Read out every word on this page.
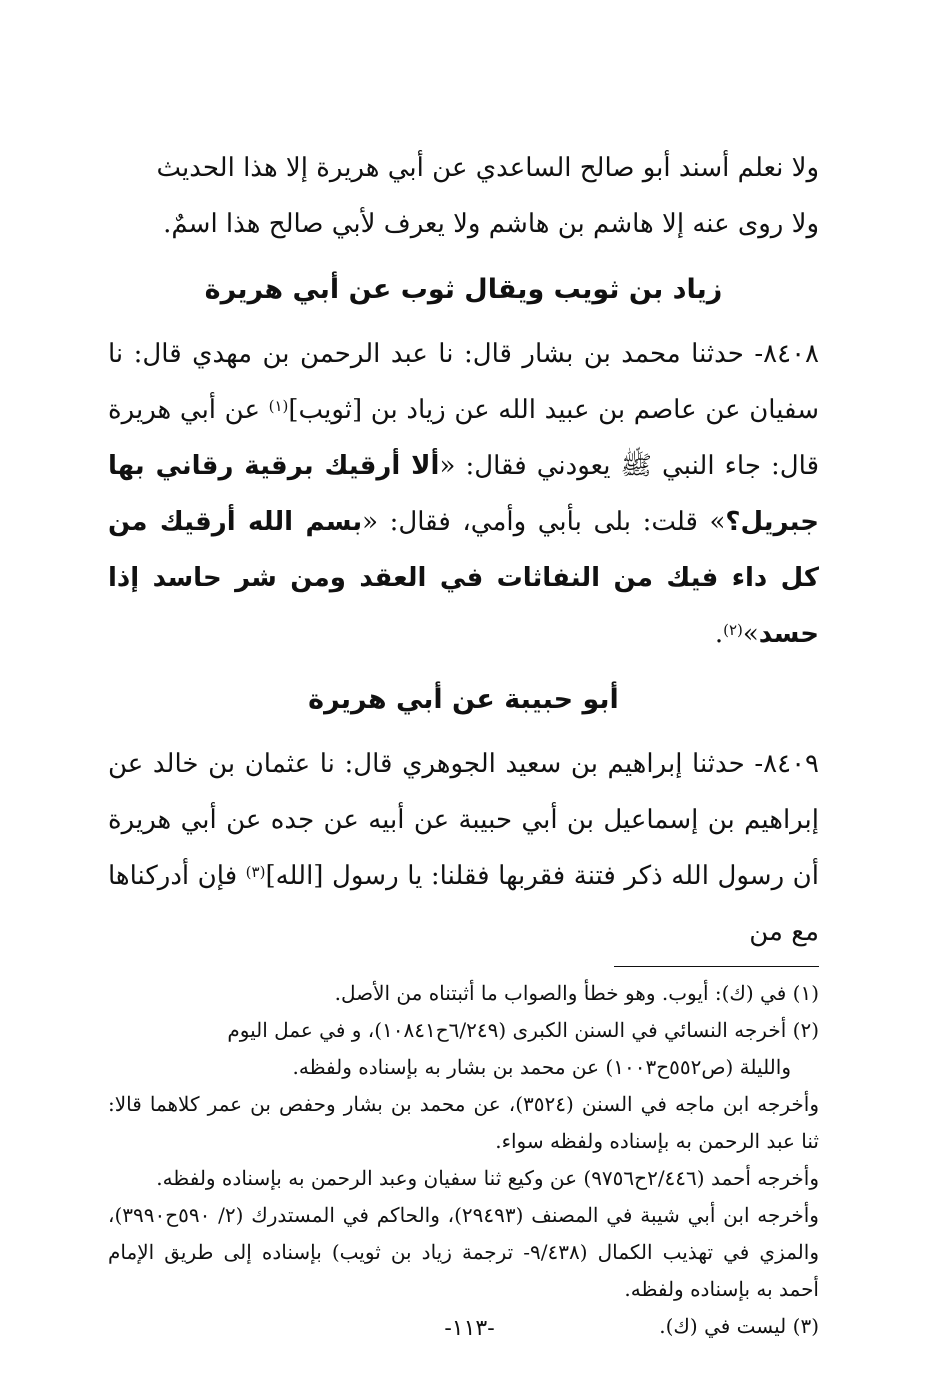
ولا نعلم أسند أبو صالح الساعدي عن أبي هريرة إلا هذا الحديث
ولا روى عنه إلا هاشم بن هاشم ولا يعرف لأبي صالح هذا اسمٌ.

زياد بن ثويب ويقال ثوب عن أبي هريرة

٨٤٠٨- حدثنا محمد بن بشار قال: نا عبد الرحمن بن مهدي قال: نا سفيان عن عاصم بن عبيد الله عن زياد بن [ثويب]$^{(١)}$ عن أبي هريرة قال: جاء النبي ﷺ يعودني فقال: «ألا أرقيك برقية رقاني بها جبريل؟» قلت: بلى بأبي وأمي، فقال: «بسم الله أرقيك من كل داء فيك من النفاثات في العقد ومن شر حاسد إذا حسد»$^{(٢)}$.

أبو حبيبة عن أبي هريرة

٨٤٠٩- حدثنا إبراهيم بن سعيد الجوهري قال: نا عثمان بن خالد عن إبراهيم بن إسماعيل بن أبي حبيبة عن أبيه عن جده عن أبي هريرة أن رسول الله ذكر فتنة فقربها فقلنا: يا رسول [الله]$^{(٣)}$ فإن أدركناها مع من

(١) في (ك): أيوب. وهو خطأ والصواب ما أثبتناه من الأصل.

(٢) أخرجه النسائي في السنن الكبرى (٦/٢٤٩ح١٠٨٤١)، و في عمل اليوم
والليلة (ص٥٥٢ح١٠٠٣) عن محمد بن بشار به بإسناده ولفظه.

وأخرجه ابن ماجه في السنن (٣٥٢٤)، عن محمد بن بشار وحفص بن عمر كلاهما قالا: ثنا عبد الرحمن به بإسناده ولفظه سواء.

وأخرجه أحمد (٢/٤٤٦ح٩٧٥٦) عن وكيع ثنا سفيان وعبد الرحمن به بإسناده ولفظه.

وأخرجه ابن أبي شيبة في المصنف (٢٩٤٩٣)، والحاكم في المستدرك (٢/ ٥٩٠ح٣٩٩٠)، والمزي في تهذيب الكمال (٩/٤٣٨- ترجمة زياد بن ثويب) بإسناده إلى طريق الإمام أحمد به بإسناده ولفظه.

(٣) ليست في (ك).

-١١٣-
